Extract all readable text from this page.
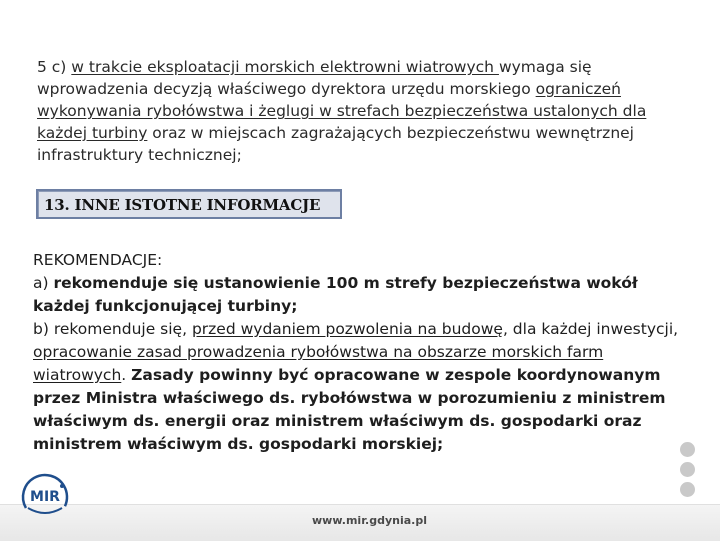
5 c) w trakcie eksploatacji morskich elektrowni wiatrowych wymaga się wprowadzenia decyzją właściwego dyrektora urzędu morskiego ograniczeń wykonywania rybołówstwa i żeglugi w strefach bezpieczeństwa ustalonych dla każdej turbiny oraz w miejscach zagrażających bezpieczeństwu wewnętrznej infrastruktury technicznej;

13. INNE ISTOTNE INFORMACJE

REKOMENDACJE:

a) rekomenduje się ustanowienie 100 m strefy bezpieczeństwa wokół każdej funkcjonującej turbiny;

b) rekomenduje się, przed wydaniem pozwolenia na budowę, dla każdej inwestycji, opracowanie zasad prowadzenia rybołówstwa na obszarze morskich farm wiatrowych. Zasady powinny być opracowane w zespole koordynowanym przez Ministra właściwego ds. rybołówstwa w porozumieniu z ministrem właściwym ds. energii oraz ministrem właściwym ds. gospodarki oraz ministrem właściwym ds. gospodarki morskiej;

www.mir.gdynia.pl
MIR
